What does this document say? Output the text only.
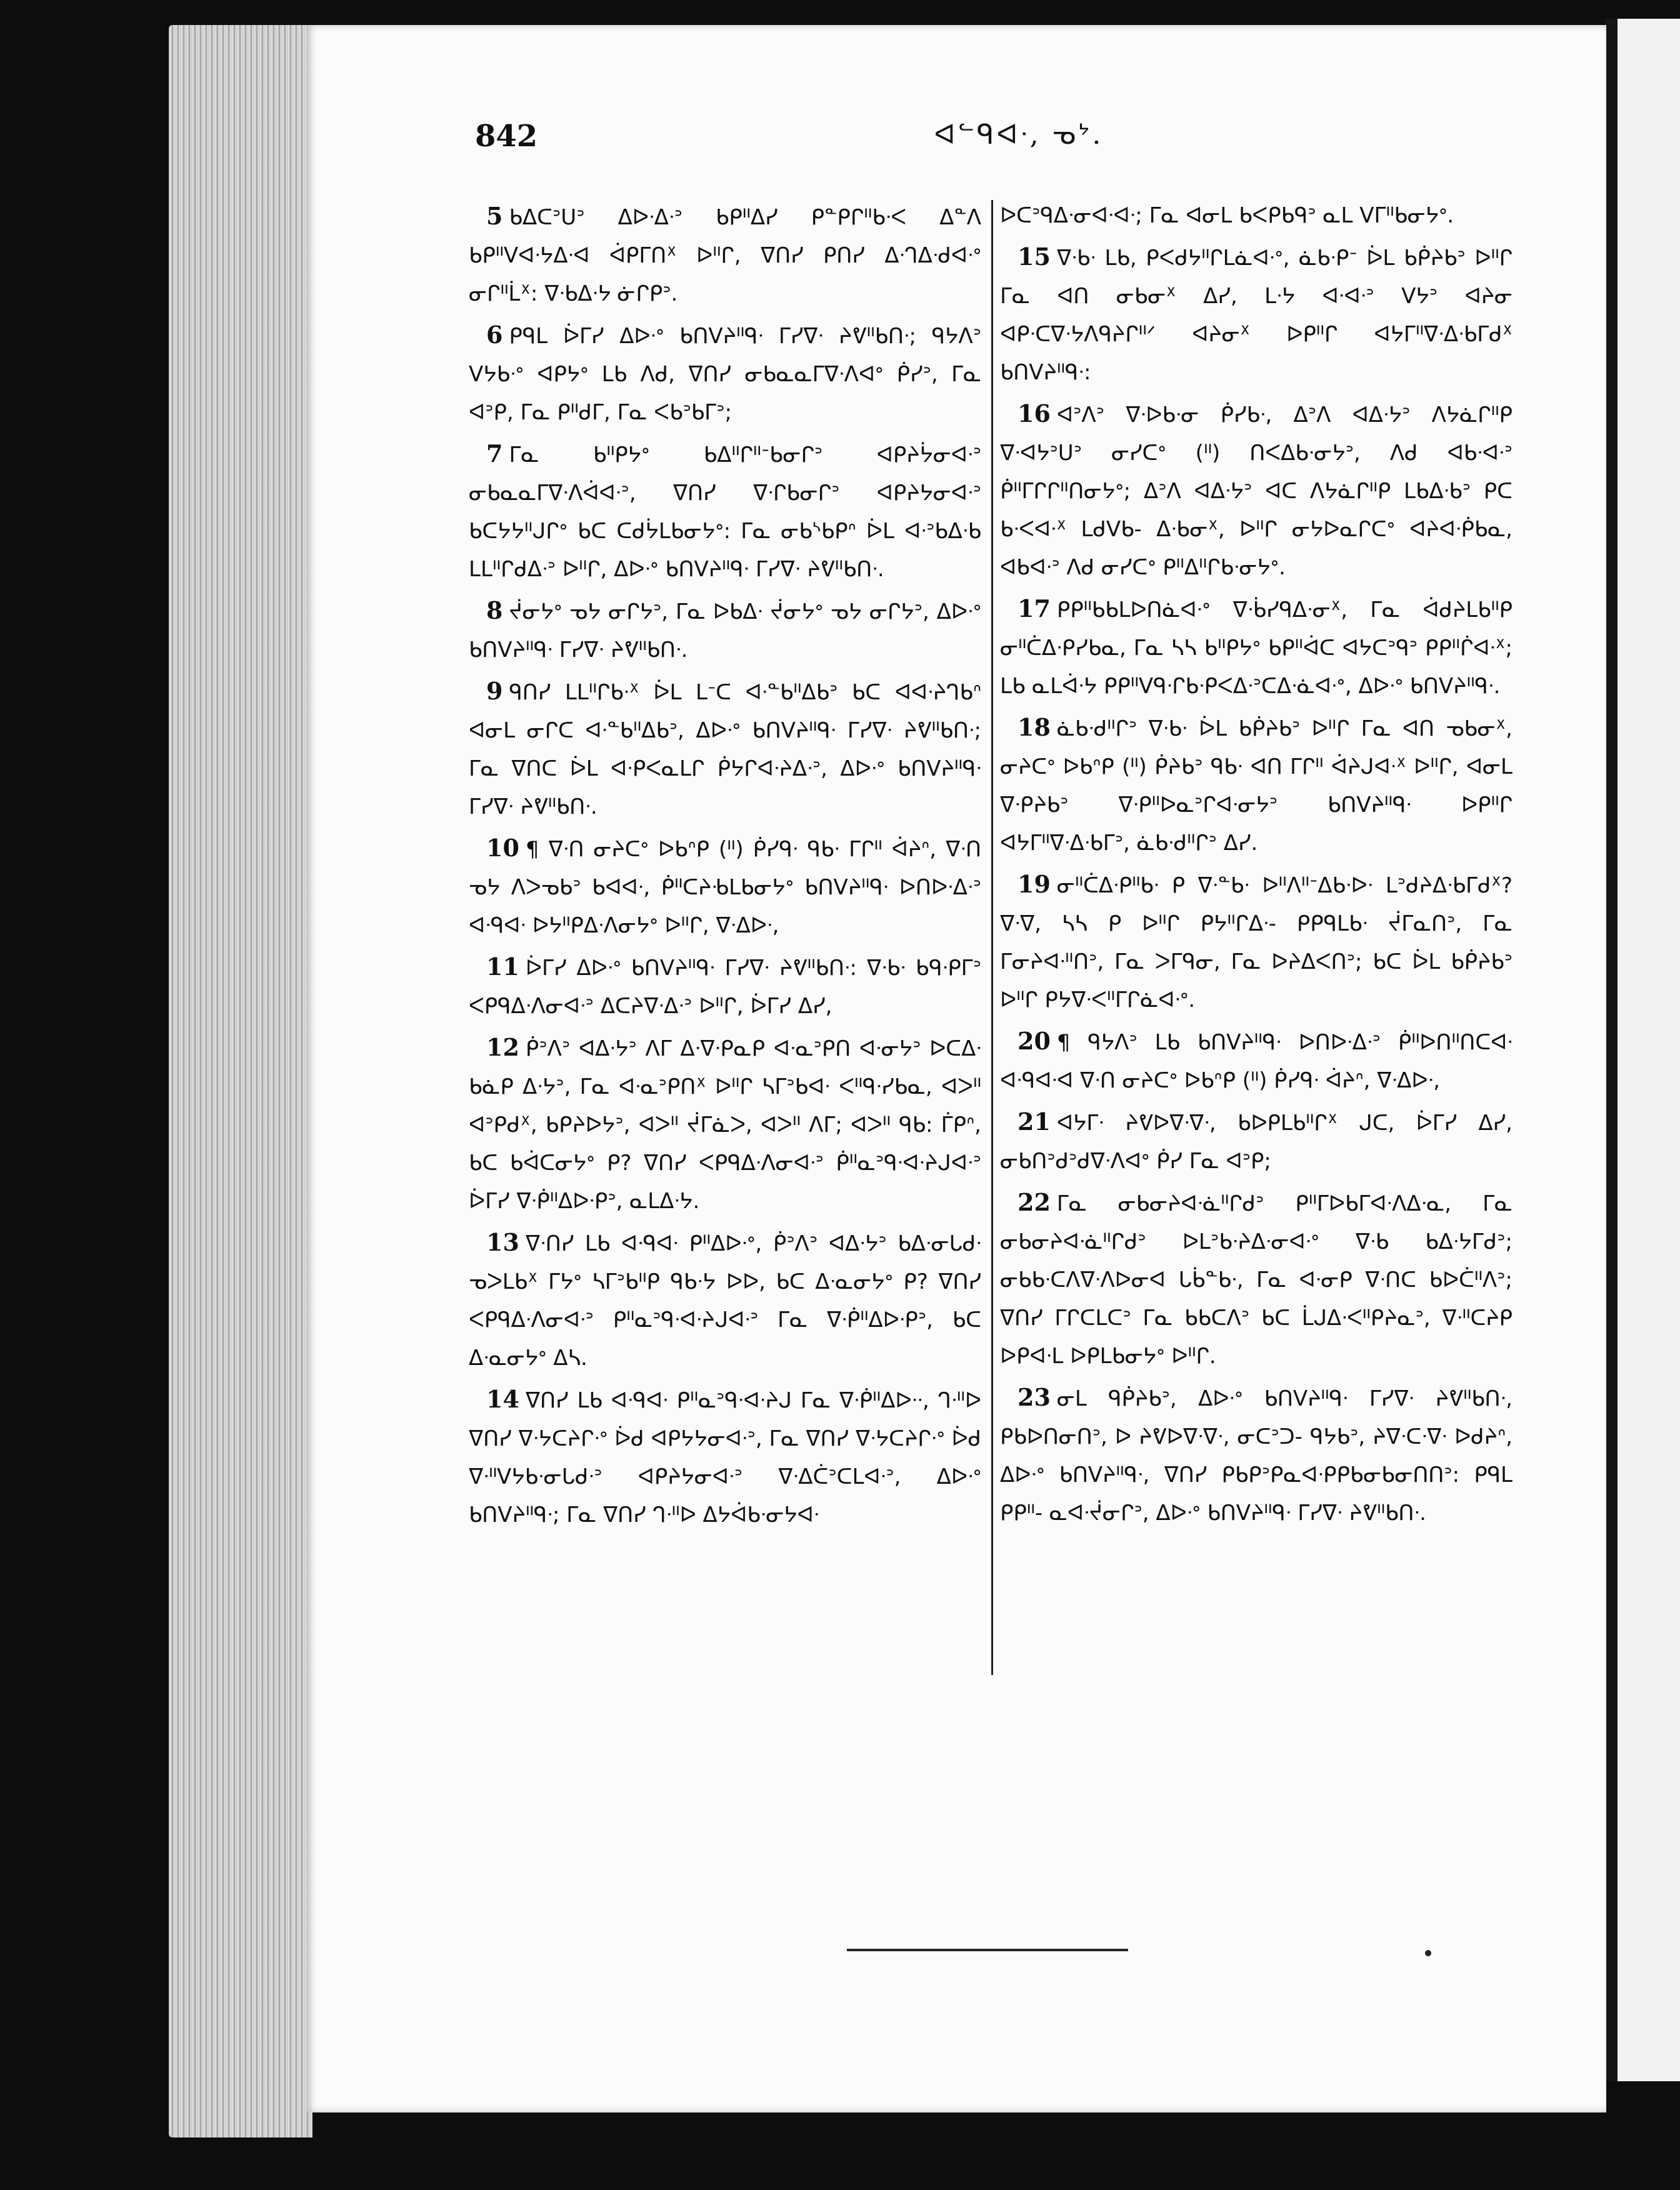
842	ᐊᓪᑫᐊᐧ, ᓀᔾ.

5 ᑲᐃᑕᐣᑌᐣ ᐃᐅᐧᐃᐧᐣ ᑲᑭᐦᐃᓯ ᑭᓐᑭᒋᐦᑲᐧᐸ ᐃᓐᐱ ᑲᑭᐦᐯᐊᐧᔭᐃᐧᐊ ᐋᑭᒥᑎᕽ ᐅᐦᒋ, ᐁᑎᓯ ᑭᑎᓯ ᐃᐧᒉᐃᐧᑯᐊᐧᐤ ᓂᒋᐦᒫᕽ: ᐁᐧᑲᐃᐧᔭ ᓃᒋᑭᐣ.

6 ᑭᑫᒪ ᐆᒥᓯ ᐃᐅᐧᐤ ᑲᑎᐯᔨᐦᑫᐧ ᒥᓯᐁᐧ ᔨᕓᐦᑲᑎᐧ; ᑫᔭᐱᐣ ᐯᔭᑲᐧᐤ ᐊᑭᔭᐤ ᒪᑲ ᐱᑯ, ᐁᑎᓯ ᓂᑲᓇᓇᒥᐁᐧᐱᐊᐤ ᑮᓯᐣ, ᒥᓇ ᐊᐣᑭ, ᒥᓇ ᑭᐦᑯᒥ, ᒥᓇ ᐸᑲᐣᑲᒥᐣ;

7 ᒥᓇ ᑲᐦᑭᔭᐤ ᑲᐃᐦᒋᐦᐨᑲᓂᒋᐣ ᐊᑭᔨᔮᓂᐊᐧᐣ ᓂᑲᓇᓇᒥᐁᐧᐱᐋᐊᐧᐣ, ᐁᑎᓯ ᐁᐧᒋᑲᓂᒋᐣ ᐊᑭᔨᔭᓂᐊᐧᐣ ᑲᑕᔭᔭᐦᒍᒋᐤ ᑲᑕ ᑕᑯᔮᒪᑲᓂᔭᐤ: ᒥᓇ ᓂᑲᔅᑲᑭᐢ ᐆᒪ ᐊᐧᐣᑲᐃᐧᑲ ᒪᒪᐦᒋᑯᐃᐧᐣ ᐅᐦᒋ, ᐃᐅᐧᐤ ᑲᑎᐯᔨᐦᑫᐧ ᒥᓯᐁᐧ ᔨᕓᐦᑲᑎᐧ.

8 ᔫᓂᔭᐤ ᓀᔭ ᓂᒋᔭᐣ, ᒥᓇ ᐅᑲᐃᐧ ᔫᓂᔭᐤ ᓀᔭ ᓂᒋᔭᐣ, ᐃᐅᐧᐤ ᑲᑎᐯᔨᐦᑫᐧ ᒥᓯᐁᐧ ᔨᕓᐦᑲᑎᐧ.

9 ᑫᑎᓯ ᒪᒪᐦᒋᑲᐧᕽ ᐆᒪ ᒪᐨᑕ ᐊᐧᓐᑲᐦᐃᑲᐣ ᑲᑕ ᐊᐊᐧᔨᒉᑲᐢ ᐊᓂᒪ ᓂᒋᑕ ᐊᐧᓐᑲᐦᐃᑲᐣ, ᐃᐅᐧᐤ ᑲᑎᐯᔨᐦᑫᐧ ᒥᓯᐁᐧ ᔨᕓᐦᑲᑎᐧ; ᒥᓇ ᐁᑎᑕ ᐆᒪ ᐊᐧᑭᐸᓇᒪᒋ ᑮᔭᒋᐊᐧᔨᐃᐧᐣ, ᐃᐅᐧᐤ ᑲᑎᐯᔨᐦᑫᐧ ᒥᓯᐁᐧ ᔨᕓᐦᑲᑎᐧ.

10 ¶ ᐁᐧᑎ ᓂᔨᑕᐤ ᐅᑲᐢᑭ (ᐦ) ᑮᓯᑫᐧ ᑫᑲᐧ ᒥᒋᐦ ᐋᔨᐢ, ᐁᐧᑎ ᓀᔭ ᐱᐳᓀᑲᐣ ᑲᐊᐊᐧ, ᑮᐦᑕᔨᑾᒪᑲᓂᔭᐤ ᑲᑎᐯᔨᐦᑫᐧ ᐅᑎᐅᐧᐃᐧᐣ ᐊᐧᑫᐊᐧ ᐅᔭᐦᑭᐃᐧᐱᓂᔭᐤ ᐅᐦᒋ, ᐁᐧᐃᐅᐧ,

11 ᐆᒥᓯ ᐃᐅᐧᐤ ᑲᑎᐯᔨᐦᑫᐧ ᒥᓯᐁᐧ ᔨᕓᐦᑲᑎᐧ: ᐁᐧᑲᐧ ᑲᑫᐧᑭᒥᐣ ᐸᑭᑫᐃᐧᐱᓂᐊᐧᐣ ᐃᑕᔨᐁᐧᐃᐧᐣ ᐅᐦᒋ, ᐆᒥᓯ ᐃᓯ,

12 ᑮᐣᐱᐣ ᐊᐃᐧᔭᐣ ᐱᒥ ᐃᐧᐁᐧᑭᓇᑭ ᐊᐧᓇᐣᑭᑎ ᐊᐧᓂᔭᐣ ᐅᑕᐃᐧ ᑲᓈᑭ ᐃᐧᔭᐣ, ᒥᓇ ᐊᐧᓇᐣᑭᑎᕽ ᐅᐦᒋ ᓴᒥᐣᑲᐊᐧ ᐸᐦᑫᐧᓯᑲᓇ, ᐊᐳᐦ ᐊᐣᑭᑯᕽ, ᑲᑭᔨᐅᔭᐣ, ᐊᐳᐦ ᔫᒥᓈᐳ, ᐊᐳᐦ ᐱᒥ; ᐊᐳᐦ ᑫᑲ: ᒦᑭᐢ, ᑲᑕ ᑲᐋᑕᓂᔭᐤ ᑭ? ᐁᑎᓯ ᐸᑭᑫᐃᐧᐱᓂᐊᐧᐣ ᑮᐦᓇᐣᑫᐧᐊᐧᔨᒍᐊᐧᐣ ᐆᒥᓯ ᐁᐧᑮᐦᐃᐅᐧᑭᐣ, ᓇᒪᐃᐧᔭ.

13 ᐁᐧᑎᓯ ᒪᑲ ᐊᐧᑫᐊᐧ ᑭᐦᐃᐅᐧᐤ, ᑮᐣᐱᐣ ᐊᐃᐧᔭᐣ ᑲᐃᐧᓂᒐᑯᐧ ᓀᐳᒪᑲᕽ ᒥᔭᐤ ᓴᒥᐣᑲᐦᑭ ᑫᑲᐧᔭ ᐅᐅ, ᑲᑕ ᐃᐧᓇᓂᔭᐤ ᑭ? ᐁᑎᓯ ᐸᑭᑫᐃᐧᐱᓂᐊᐧᐣ ᑭᐦᓇᐣᑫᐧᐊᐧᔨᒍᐊᐧᐣ ᒥᓇ ᐁᐧᑮᐦᐃᐅᐧᑭᐣ, ᑲᑕ ᐃᐧᓇᓂᔭᐤ ᐃᓴ.

14 ᐁᑎᓯ ᒪᑲ ᐊᐧᑫᐊᐧ ᑭᐦᓇᐣᑫᐧᐊᐧᔨᒍ ᒥᓇ ᐁᐧᑮᐦᐃᐅᐧᐧ, ᒉᐧᐦᐅ ᐁᑎᓯ ᐁᐧᔭᑕᔨᒋᐧᐤ ᐆᑯ ᐊᑭᔭᔭᓂᐊᐧᐣ, ᒥᓇ ᐁᑎᓯ ᐁᐧᔭᑕᔨᒋᐧᐤ ᐆᑯ ᐁᐧᐦᐯᔭᑲᐧᓂᒐᑯᐧᐣ ᐊᑭᔨᔭᓂᐊᐧᐣ ᐁᐧᐃᑖᐣᑕᒪᐊᐧᐣ, ᐃᐅᐧᐤ ᑲᑎᐯᔨᐦᑫᐧ; ᒥᓇ ᐁᑎᓯ ᒉᐧᐦᐅ ᐃᔭᐋᑲᐧᓂᔭᐊᐧ

ᐅᑕᐣᑫᐃᐧᓂᐊᐧᐊᐧ; ᒥᓇ ᐊᓂᒪ ᑲᐸᑭᑲᑫᐣ ᓇᒪ ᐯᒥᐦᑲᓂᔭᐤ.

15 ᐁᐧᑲᐧ ᒪᑲ, ᑭᐸᑯᔭᐦᒋᒪᓈᐊᐧᐤ, ᓈᑲᐧᑭᐨ ᐆᒪ ᑲᑮᔨᑲᐣ ᐅᐦᒋ ᒥᓇ ᐊᑎ ᓂᑲᓂᕽ ᐃᓯ, ᒪᐧᔭ ᐊᐧᐊᐧᐣ ᐯᔭᐣ ᐊᔨᓂ ᐊᑭᐧᑕᐁᐧᔭᐱᑫᔨᒋᐦᐟ ᐊᔨᓂᕽ ᐅᑭᐦᒋ ᐊᔭᒥᐦᐁᐧᐃᐧᑲᒥᑯᕽ ᑲᑎᐯᔨᐦᑫᐧ:

16 ᐊᐣᐱᐣ ᐁᐧᐅᑲᐧᓂ ᑮᓯᑲᐧ, ᐃᐣᐱ ᐊᐃᐧᔭᐣ ᐱᔭᓈᒋᐦᑭ ᐁᐧᐊᔭᐣᑌᐣ ᓂᓯᑕᐤ (ᐦ) ᑎᐸᐃᑲᐧᓂᔭᐣ, ᐱᑯ ᐊᑲᐧᐊᐧᐣ ᑮᐦᒥᒋᒋᐦᑎᓂᔭᐤ; ᐃᐣᐱ ᐊᐃᐧᔭᐣ ᐊᑕ ᐱᔭᓈᒋᐦᑭ ᒪᑲᐃᐧᑲᐣ ᑭᑕ ᑲᐧᐸᐊᐧᕽ ᒪᑯᐯᑲ- ᐃᐧᑲᓂᕽ, ᐅᐦᒋ ᓂᔭᐅᓇᒋᑕᐤ ᐊᔨᐊᐧᑮᑲᓇ, ᐊᑲᐊᐧᐣ ᐱᑯ ᓂᓯᑕᐤ ᑭᐦᐃᐦᒋᑲᐧᓂᔭᐤ.

17 ᑭᑭᐦᑲᑲᒪᐅᑎᓈᐊᐧᐤ ᐁᐧᑳᓯᑫᐃᐧᓂᕽ, ᒥᓇ ᐋᑯᔨᒪᑲᐦᑭ ᓂᐦᑖᐃᐧᑭᓯᑲᓇ, ᒥᓇ ᓴᓴ ᑲᐦᑭᔭᐤ ᑲᑭᐦᐋᑕ ᐊᔭᑕᐣᑫᐣ ᑭᑭᐦᒌᐊᐧᕽ; ᒪᑲ ᓇᒪᐋᐧᔭ ᑭᑭᐦᐯᑫᐧᒋᑲᐧᑭᐸᐃᐧᐣᑕᐃᐧᓈᐊᐧᐤ, ᐃᐅᐧᐤ ᑲᑎᐯᔨᐦᑫᐧ.

18 ᓈᑲᐧᑯᐦᒋᐣ ᐁᐧᑲᐧ ᐆᒪ ᑲᑮᔨᑲᐣ ᐅᐦᒋ ᒥᓇ ᐊᑎ ᓀᑲᓂᕽ, ᓂᔨᑕᐤ ᐅᑲᐢᑭ (ᐦ) ᑮᔨᑲᐣ ᑫᑲᐧ ᐊᑎ ᒥᒋᐦ ᐋᔨᒍᐊᐧᕽ ᐅᐦᒋ, ᐊᓂᒪ ᐁᐧᑭᔨᑲᐣ ᐁᐧᑭᐦᐅᓇᐣᒋᐊᐧᓂᔭᐣ ᑲᑎᐯᔨᐦᑫᐧ ᐅᑭᐦᒋ ᐊᔭᒥᐦᐁᐧᐃᐧᑲᒥᐣ, ᓈᑲᐧᑯᐦᒋᐣ ᐃᓯ.

19 ᓂᐦᑖᐃᐧᑭᐦᑲᐧ ᑭ ᐁᐧᓐᑲᐧ ᐅᐦᐱᐦᐨᐃᑲᐧᐅᐧ ᒪᐣᑯᔨᐃᐧᑲᒥᑯᕽ? ᐁᐧᐁ, ᓴᓴ ᑭ ᐅᐦᒋ ᑭᔭᐦᒋᐃᐧ- ᑭᑭᑫᒪᑲᐧ ᔫᒥᓇᑎᐣ, ᒥᓇ ᒥᓂᔨᐊᐧᐦᑎᐣ, ᒥᓇ ᐳᒥᑫᓂ, ᒥᓇ ᐅᔨᐃᐸᑎᐣ; ᑲᑕ ᐆᒪ ᑲᑮᔨᑲᐣ ᐅᐦᒋ ᑭᔭᐁᐧᐸᐦᒥᒋᓈᐊᐧᐤ.

20 ¶ ᑫᔭᐱᐣ ᒪᑲ ᑲᑎᐯᔨᐦᑫᐧ ᐅᑎᐅᐧᐃᐧᐣ ᑮᐦᐅᑎᐦᑎᑕᐊᐧ ᐊᐧᑫᐊᐧᐊ ᐁᐧᑎ ᓂᔨᑕᐤ ᐅᑲᐢᑭ (ᐦ) ᑮᓯᑫᐧ ᐋᔨᐢ, ᐁᐧᐃᐅᐧ,

21 ᐊᔭᒥᐧ ᔨᕓᐅᐁᐧᐁᐧ, ᑲᐅᑭᒪᑲᐦᒋᕽ ᒍᑕ, ᐆᒥᓯ ᐃᓯ, ᓂᑲᑎᐣᑯᐣᑯᐁᐧᐱᐊᐤ ᑮᓯ ᒥᓇ ᐊᐣᑭ;

22 ᒥᓇ ᓂᑲᓂᔨᐊᐧᓈᐦᒋᑯᐣ ᑭᐦᒥᐅᑲᒥᐊᐧᐱᐃᐧᓇ, ᒥᓇ ᓂᑲᓂᔨᐊᐧᓈᐦᒋᑯᐣ ᐅᒪᐣᑲᐧᔨᐃᐧᓂᐊᐧᐤ ᐁᐧᑲ ᑲᐃᐧᔭᒥᑯᐣ; ᓂᑲᑲᐧᑕᐱᐁᐧᐱᐅᓂᐊ ᒐᑳᓐᑲᐧ, ᒥᓇ ᐊᐧᓂᑭ ᐁᐧᑎᑕ ᑲᐅᑖᐦᐱᐣ; ᐁᑎᓯ ᒥᒋᑕᒪᑕᐣ ᒥᓇ ᑲᑲᑕᐱᐣ ᑲᑕ ᒫᒍᐃᐧᐸᐦᑭᔨᓇᐣ, ᐁᐧᐦᑕᔨᑭ ᐅᑭᐊᐧᒪ ᐅᑭᒪᑲᓂᔭᐤ ᐅᐦᒋ.

23 ᓂᒪ ᑫᑮᔨᑲᐣ, ᐃᐅᐧᐤ ᑲᑎᐯᔨᐦᑫᐧ ᒥᓯᐁᐧ ᔨᕓᐦᑲᑎᐧ, ᑭᑲᐅᑎᓂᑎᐣ, ᐅ ᔨᕓᐅᐁᐧᐁᐧ, ᓂᑕᐣᑐ- ᑫᔭᑲᐣ, ᔨᐁᐧᑕᐧᐁᐧ ᐅᑯᔨᐢ, ᐃᐅᐧᐤ ᑲᑎᐯᔨᐦᑫᐧ, ᐁᑎᓯ ᑭᑲᑭᐣᑭᓇᐊᐧᑭᑭᑲᓂᑲᓂᑎᑎᐣ: ᑭᑫᒪ ᑭᑭᐦ- ᓇᐊᐧᔫᓂᒋᐣ, ᐃᐅᐧᐤ ᑲᑎᐯᔨᐦᑫᐧ ᒥᓯᐁᐧ ᔨᕓᐦᑲᑎᐧ.
